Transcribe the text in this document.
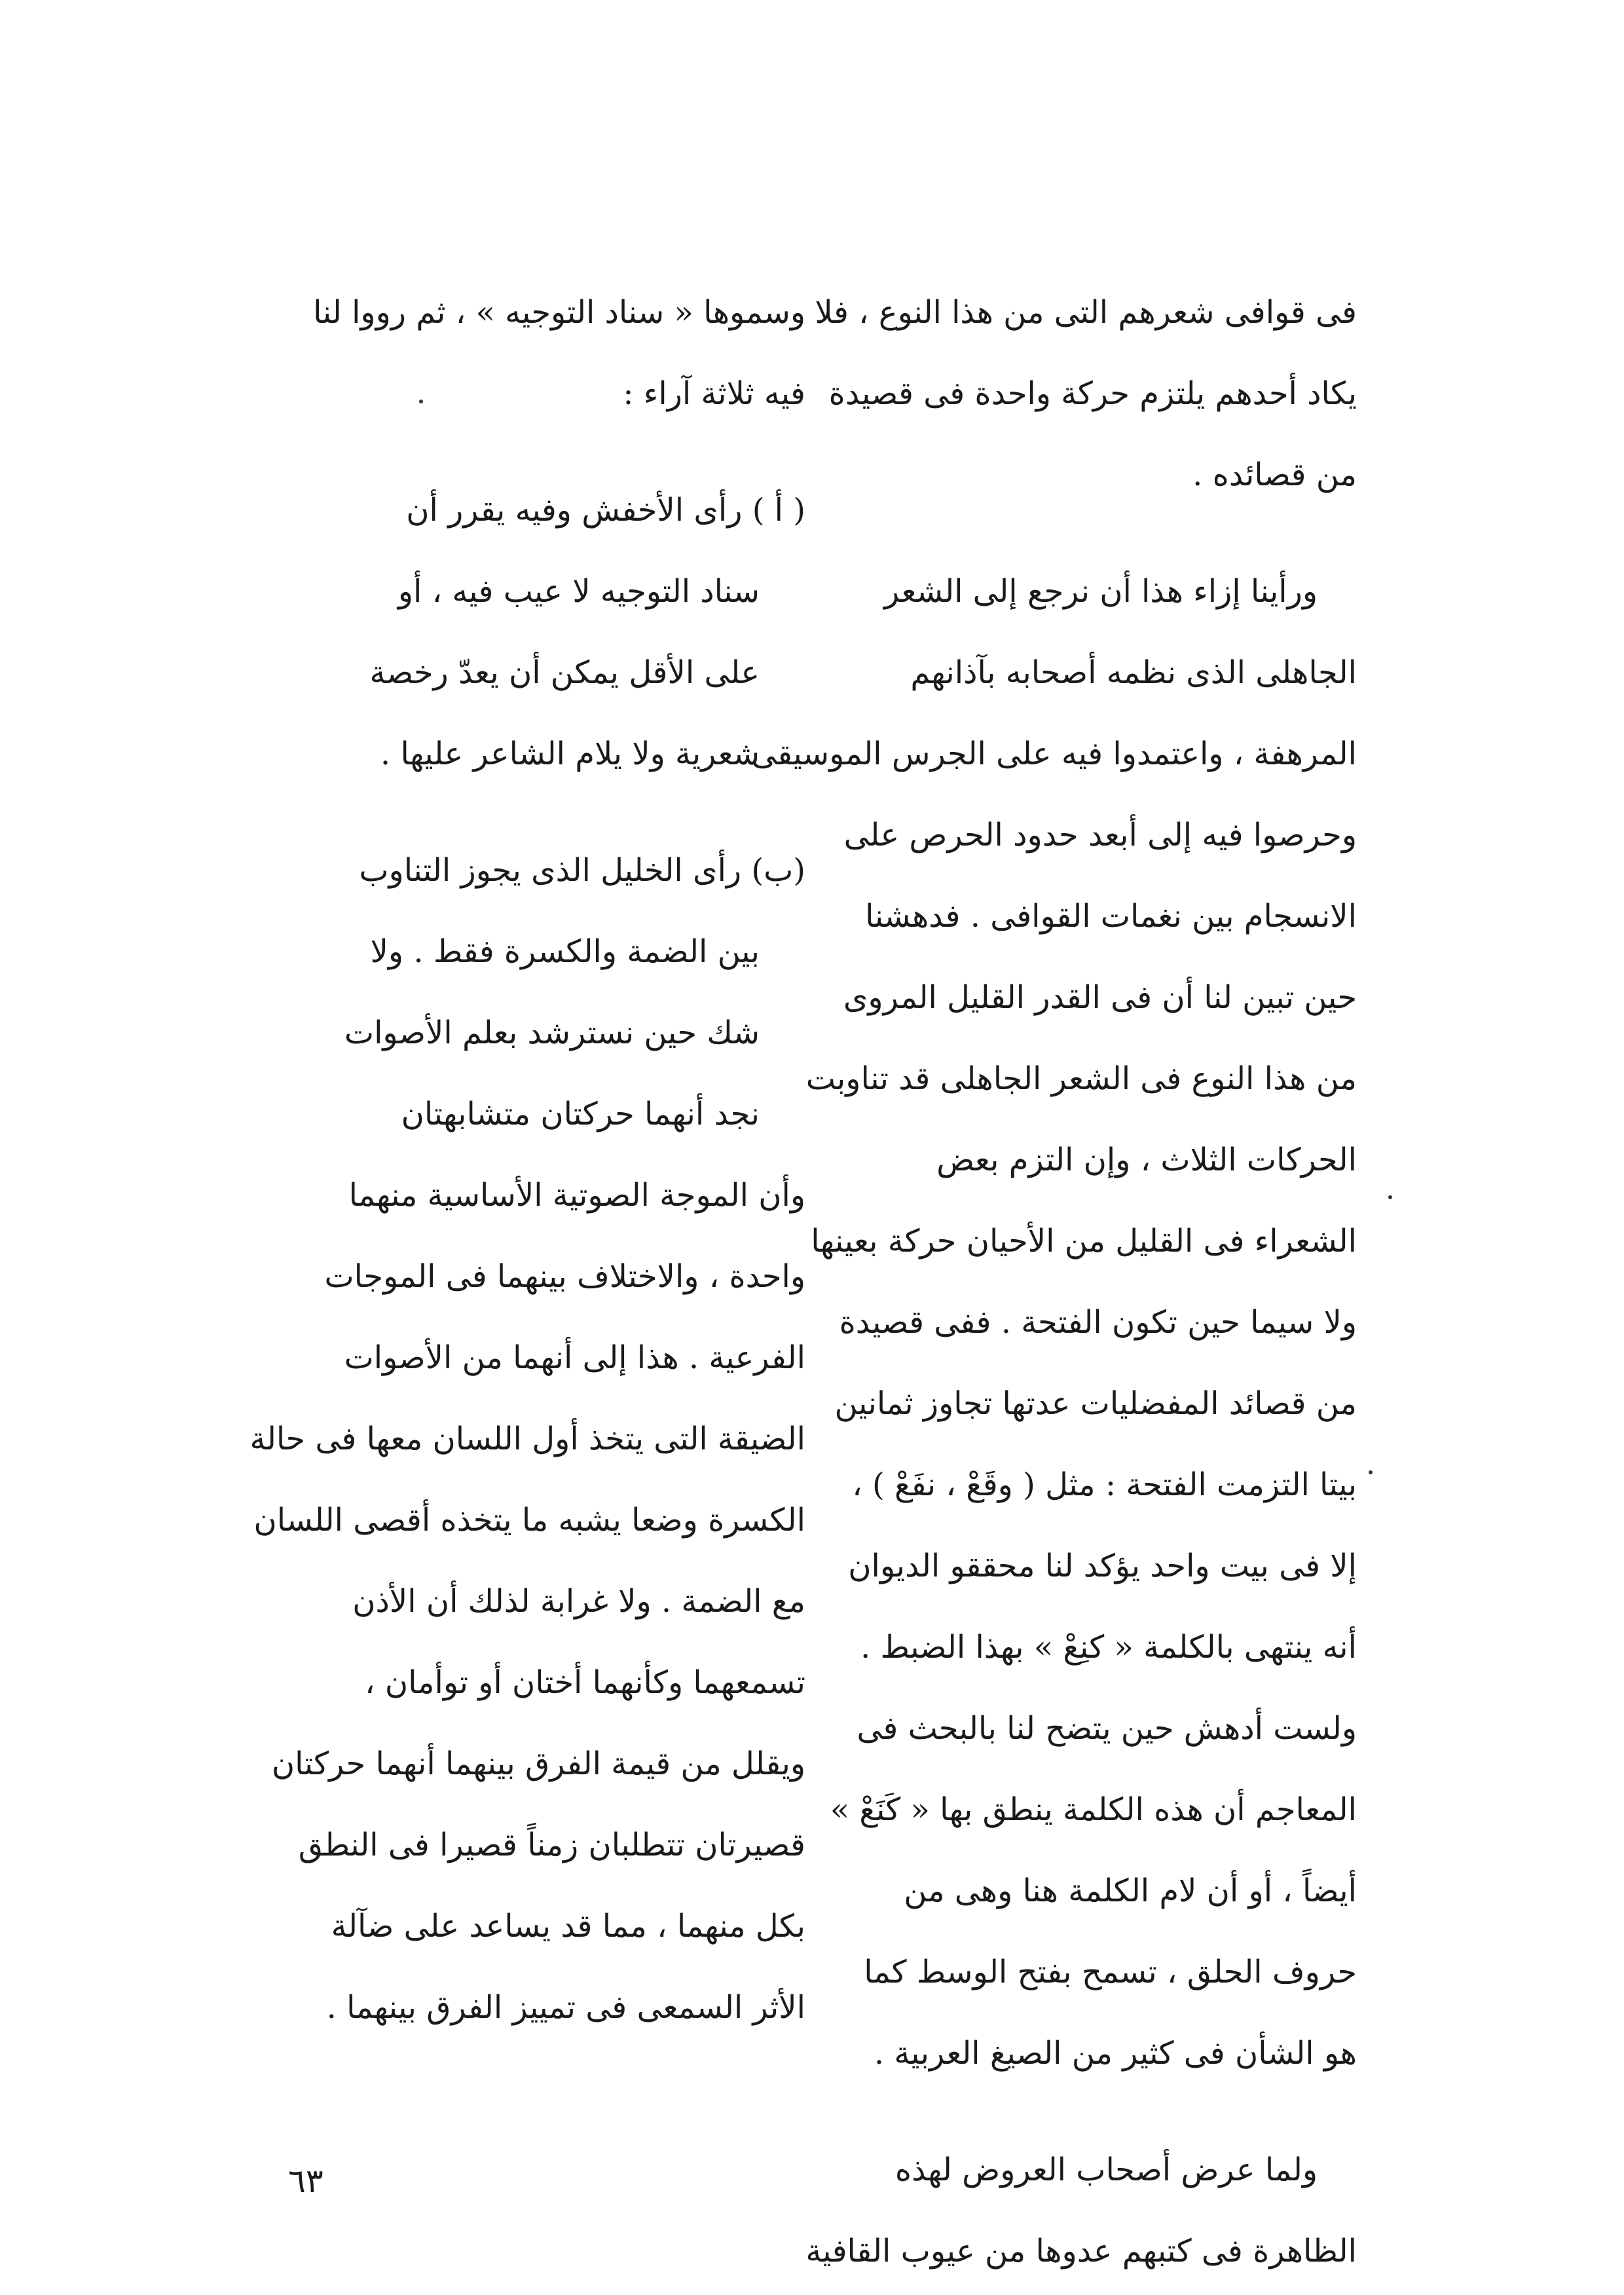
فى قوافى شعرهم التى من هذا النوع ، فلا
يكاد أحدهم يلتزم حركة واحدة فى قصيدة
من قصائده .
ورأينا إزاء هذا أن نرجع إلى الشعر
الجاهلى الذى نظمه أصحابه بآذانهم
المرهفة ، واعتمدوا فيه على الجرس الموسيقى
وحرصوا فيه إلى أبعد حدود الحرص على
الانسجام بين نغمات القوافى . فدهشنا
حين تبين لنا أن فى القدر القليل المروى
من هذا النوع فى الشعر الجاهلى قد تناوبت
الحركات الثلاث ، وإن التزم بعض
الشعراء فى القليل من الأحيان حركة بعينها
ولا سيما حين تكون الفتحة . ففى قصيدة
من قصائد المفضليات عدتها تجاوز ثمانين
بيتا التزمت الفتحة : مثل ( وقَعْ ، نفَعْ ) ،
إلا فى بيت واحد يؤكد لنا محققو الديوان
أنه ينتهى بالكلمة « كنِعْ » بهذا الضبط .
ولست أدهش حين يتضح لنا بالبحث فى
المعاجم أن هذه الكلمة ينطق بها « كَنَعْ »
أيضاً ، أو أن لام الكلمة هنا وهى من
حروف الحلق ، تسمح بفتح الوسط كما
هو الشأن فى كثير من الصيغ العربية .
ولما عرض أصحاب العروض لهذه
الظاهرة فى كتبهم عدوها من عيوب القافية
وسموها « سناد التوجيه » ، ثم رووا لنا
فيه ثلاثة آراء :
( أ ) رأى الأخفش وفيه يقرر أن
سناد التوجيه لا عيب فيه ، أو
على الأقل يمكن أن يعدّ رخصة
شعرية ولا يلام الشاعر عليها .
(ب) رأى الخليل الذى يجوز التناوب
بين الضمة والكسرة فقط . ولا
شك حين نسترشد بعلم الأصوات
نجد أنهما حركتان متشابهتان
وأن الموجة الصوتية الأساسية منهما
واحدة ، والاختلاف بينهما فى الموجات
الفرعية . هذا إلى أنهما من الأصوات
الضيقة التى يتخذ أول اللسان معها فى حالة
الكسرة وضعا يشبه ما يتخذه أقصى اللسان
مع الضمة . ولا غرابة لذلك أن الأذن
تسمعهما وكأنهما أختان أو توأمان ،
ويقلل من قيمة الفرق بينهما أنهما حركتان
قصيرتان تتطلبان زمناً قصيرا فى النطق
بكل منهما ، مما قد يساعد على ضآلة
الأثر السمعى فى تمييز الفرق بينهما .
٦٣
